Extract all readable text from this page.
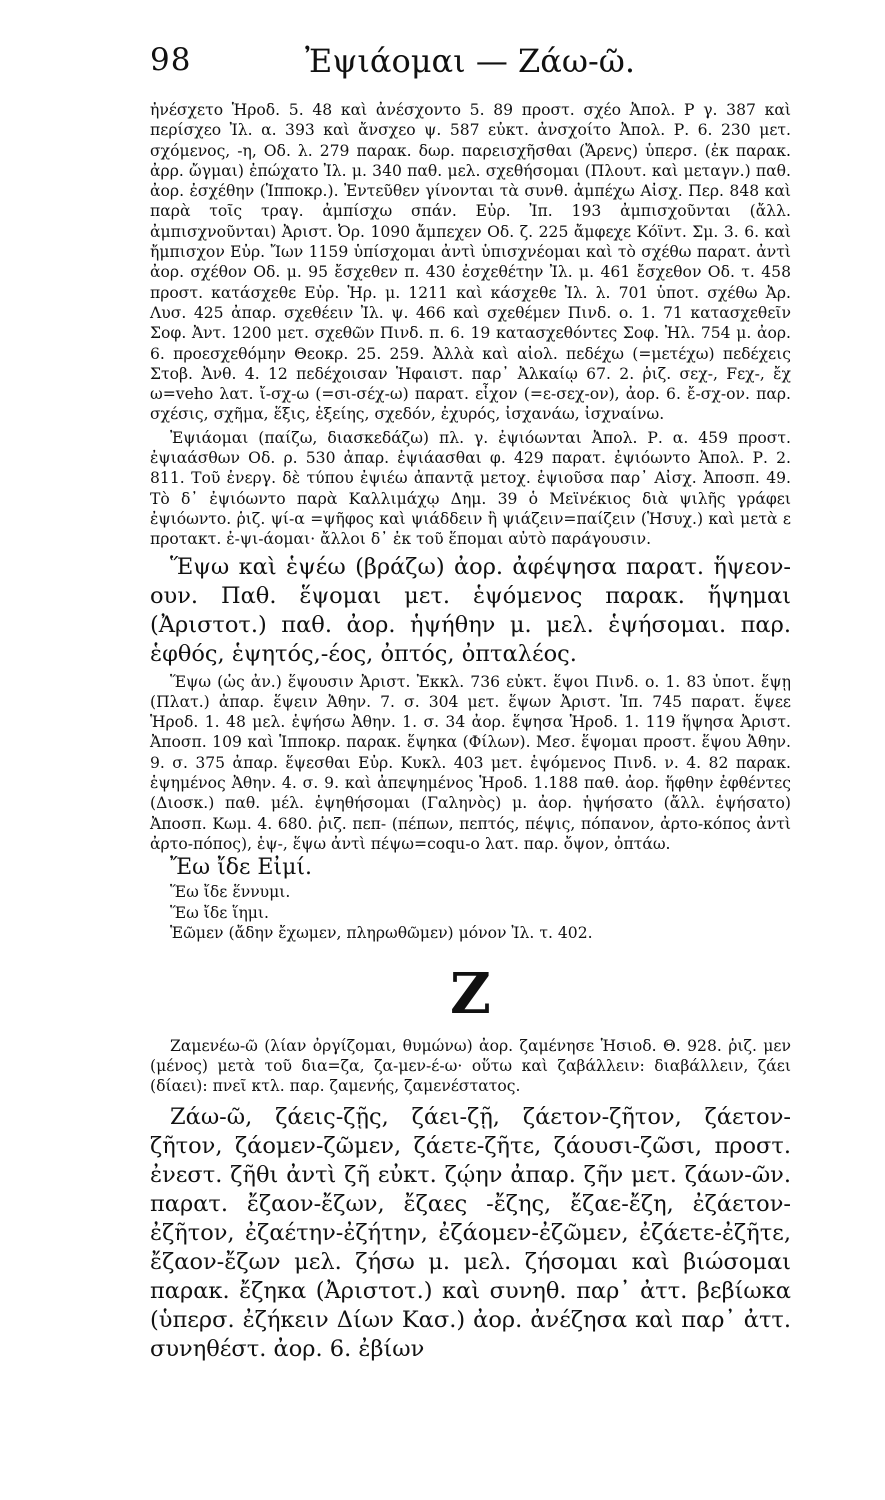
98	Ἐψιάομαι — Ζάω-ῶ.

ἠνέσχετο Ἡροδ. 5. 48 καὶ ἀνέσχοντο 5. 89 προστ. σχέο Ἀπολ. Ρ γ. 387 καὶ περίσχεο Ἰλ. α. 393 καὶ ἄνσχεο ψ. 587 εὐκτ. ἀνσχοίτο Ἀπολ. Ρ. 6. 230 μετ. σχόμενος, -η, Οδ. λ. 279 παρακ. δωρ. παρεισχῆσθαι (Ἄρενς) ὑπερσ. (ἐκ παρακ. ἀρρ. ὤγμαι) ἐπώχατο Ἰλ. μ. 340 παθ. μελ. σχεθήσομαι (Πλουτ. καὶ μεταγν.) παθ. ἀορ. ἐσχέθην (Ἱπποκρ.). Ἐντεῦθεν γίνονται τὰ συνθ. ἀμπέχω Αἰσχ. Περ. 848 καὶ παρὰ τοῖς τραγ. ἀμπίσχω σπάν. Εὐρ. Ἰπ. 193 ἀμπισχοῦνται (ἄλλ. ἀμπισχνοῦνται) Ἀριστ. Ὀρ. 1090 ἄμπεχεν Οδ. ζ. 225 ἄμφεχε Κόϊντ. Σμ. 3. 6. καὶ ἤμπισχον Εὐρ. Ἴων 1159 ὑπίσχομαι ἀντὶ ὑπισχνέομαι καὶ τὸ σχέθω παρατ. ἀντὶ ἀορ. σχέθον Οδ. μ. 95 ἔσχεθεν π. 430 ἐσχεθέτην Ἰλ. μ. 461 ἔσχεθον Οδ. τ. 458 προστ. κατάσχεθε Εὐρ. Ἡρ. μ. 1211 καὶ κάσχεθε Ἰλ. λ. 701 ὑποτ. σχέθω Ἀρ. Λυσ. 425 ἀπαρ. σχεθέειν Ἰλ. ψ. 466 καὶ σχεθέμεν Πινδ. ο. 1. 71 κατασχεθεῖν Σοφ. Ἀντ. 1200 μετ. σχεθῶν Πινδ. π. 6. 19 κατασχεθόντες Σοφ. Ἠλ. 754 μ. ἀορ. 6. προεσχεθόμην Θεοκρ. 25. 259. Ἀλλὰ καὶ αἰολ. πεδέχω (=μετέχω) πεδέχεις Στοβ. Ἀνθ. 4. 12 πεδέχοισαν Ἡφαιστ. παρ᾿ Ἀλκαίῳ 67. 2. ῥιζ. σεχ-, Fεχ-, ἔχ ω=veho λατ. ἴ-σχ-ω (=σι-σέχ-ω) παρατ. εἶχον (=ε-σεχ-ον), ἀορ. 6. ἔ-σχ-ον. παρ. σχέσις, σχῆμα, ἕξις, ἑξείης, σχεδόν, ἐχυρός, ἰσχανάω, ἰσχναίνω.

Ἐψιάομαι (παίζω, διασκεδάζω) πλ. γ. ἐψιόωνται Ἀπολ. Ρ. α. 459 προστ. ἐψιαάσθων Οδ. ρ. 530 ἀπαρ. ἐψιάασθαι φ. 429 παρατ. ἐψιόωντο Ἀπολ. Ρ. 2. 811. Τοῦ ἐνεργ. δὲ τύπου ἐψιέω ἀπαντᾷ μετοχ. ἐψιοῦσα παρ᾿ Αἰσχ. Ἀποσπ. 49. Τὸ δ᾿ ἐψιόωντο παρὰ Καλλιμάχῳ Δημ. 39 ὁ Μεϊνέκιος διὰ ψιλῆς γράφει ἐψιόωντο. ῥιζ. ψί-α =ψῆφος καὶ ψιάδδειν ἢ ψιάζειν=παίζειν (Ἡσυχ.) καὶ μετὰ ε προτακτ. ἐ-ψι-άομαι· ἄλλοι δ᾿ ἐκ τοῦ ἕπομαι αὐτὸ παράγουσιν.

Ἕψω καὶ ἑψέω (βράζω) ἀορ. ἀφέψησα παρατ. ἥψεον-ουν. Παθ. ἕψομαι μετ. ἑψόμενος παρακ. ἥψημαι (Ἀριστοτ.) παθ. ἀορ. ἡψήθην μ. μελ. ἑψήσομαι. παρ. ἑφθός, ἑψητός,-έος, ὀπτός, ὀπταλέος.

Ἕψω (ὡς ἀν.) ἕψουσιν Ἀριστ. Ἐκκλ. 736 εὐκτ. ἕψοι Πινδ. ο. 1. 83 ὑποτ. ἕψῃ (Πλατ.) ἀπαρ. ἕψειν Ἀθην. 7. σ. 304 μετ. ἕψων Ἀριστ. Ἱπ. 745 παρατ. ἕψεε Ἡροδ. 1. 48 μελ. ἑψήσω Ἀθην. 1. σ. 34 ἀορ. ἕψησα Ἡροδ. 1. 119 ἥψησα Ἀριστ. Ἀποσπ. 109 καὶ Ἱπποκρ. παρακ. ἕψηκα (Φίλων). Μεσ. ἕψομαι προστ. ἕψου Ἀθην. 9. σ. 375 ἀπαρ. ἕψεσθαι Εὐρ. Κυκλ. 403 μετ. ἑψόμενος Πινδ. ν. 4. 82 παρακ. ἑψημένος Ἀθην. 4. σ. 9. καὶ ἀπεψημένος Ἡροδ. 1.188 παθ. ἀορ. ἥφθην ἑφθέντες (Διοσκ.) παθ. μέλ. ἑψηθήσομαι (Γαληνὸς) μ. ἀορ. ἡψήσατο (ἄλλ. ἑψήσατο) Ἀποσπ. Κωμ. 4. 680. ῥιζ. πεπ- (πέπων, πεπτός, πέψις, πόπανον, ἀρτο-κόπος ἀντὶ ἀρτο-πόπος), ἑψ-, ἕψω ἀντὶ πέψω=coqu-o λατ. παρ. ὄψον, ὀπτάω.

Ἔω ἴδε Εἰμί.

Ἕω ἴδε ἕννυμι.

Ἕω ἴδε ἵημι.

Ἑῶμεν (ἄδην ἔχωμεν, πληρωθῶμεν) μόνον Ἰλ. τ. 402.

Z

Ζαμενέω-ῶ (λίαν ὀργίζομαι, θυμώνω) ἀορ. ζαμένησε Ἡσιοδ. Θ. 928. ῥιζ. μεν (μένος) μετὰ τοῦ δια=ζα, ζα-μεν-έ-ω· οὕτω καὶ ζαβάλλειν: διαβάλλειν, ζάει (δίαει): πνεῖ κτλ. παρ. ζαμενής, ζαμενέστατος.

Ζάω-ῶ, ζάεις-ζῇς, ζάει-ζῇ, ζάετον-ζῆτον, ζάετον-ζῆτον, ζάομεν-ζῶμεν, ζάετε-ζῆτε, ζάουσι-ζῶσι, προστ. ἐνεστ. ζῆθι ἀντὶ ζῆ εὐκτ. ζῴην ἀπαρ. ζῆν μετ. ζάων-ῶν. παρατ. ἔζαον-ἔζων, ἔζαες -ἔζης, ἔζαε-ἔζη, ἐζάετον-ἐζῆτον, ἐζαέτην-ἐζήτην, ἐζάομεν-ἐζῶμεν, ἐζάετε-ἐζῆτε, ἔζαον-ἔζων μελ. ζήσω μ. μελ. ζήσομαι καὶ βιώσομαι παρακ. ἔζηκα (Ἀριστοτ.) καὶ συνηθ. παρ᾿ ἀττ. βεβίωκα (ὑπερσ. ἐζήκειν Δίων Κασ.) ἀορ. ἀνέζησα καὶ παρ᾿ ἀττ. συνηθέστ. ἀορ. 6. ἐβίων
